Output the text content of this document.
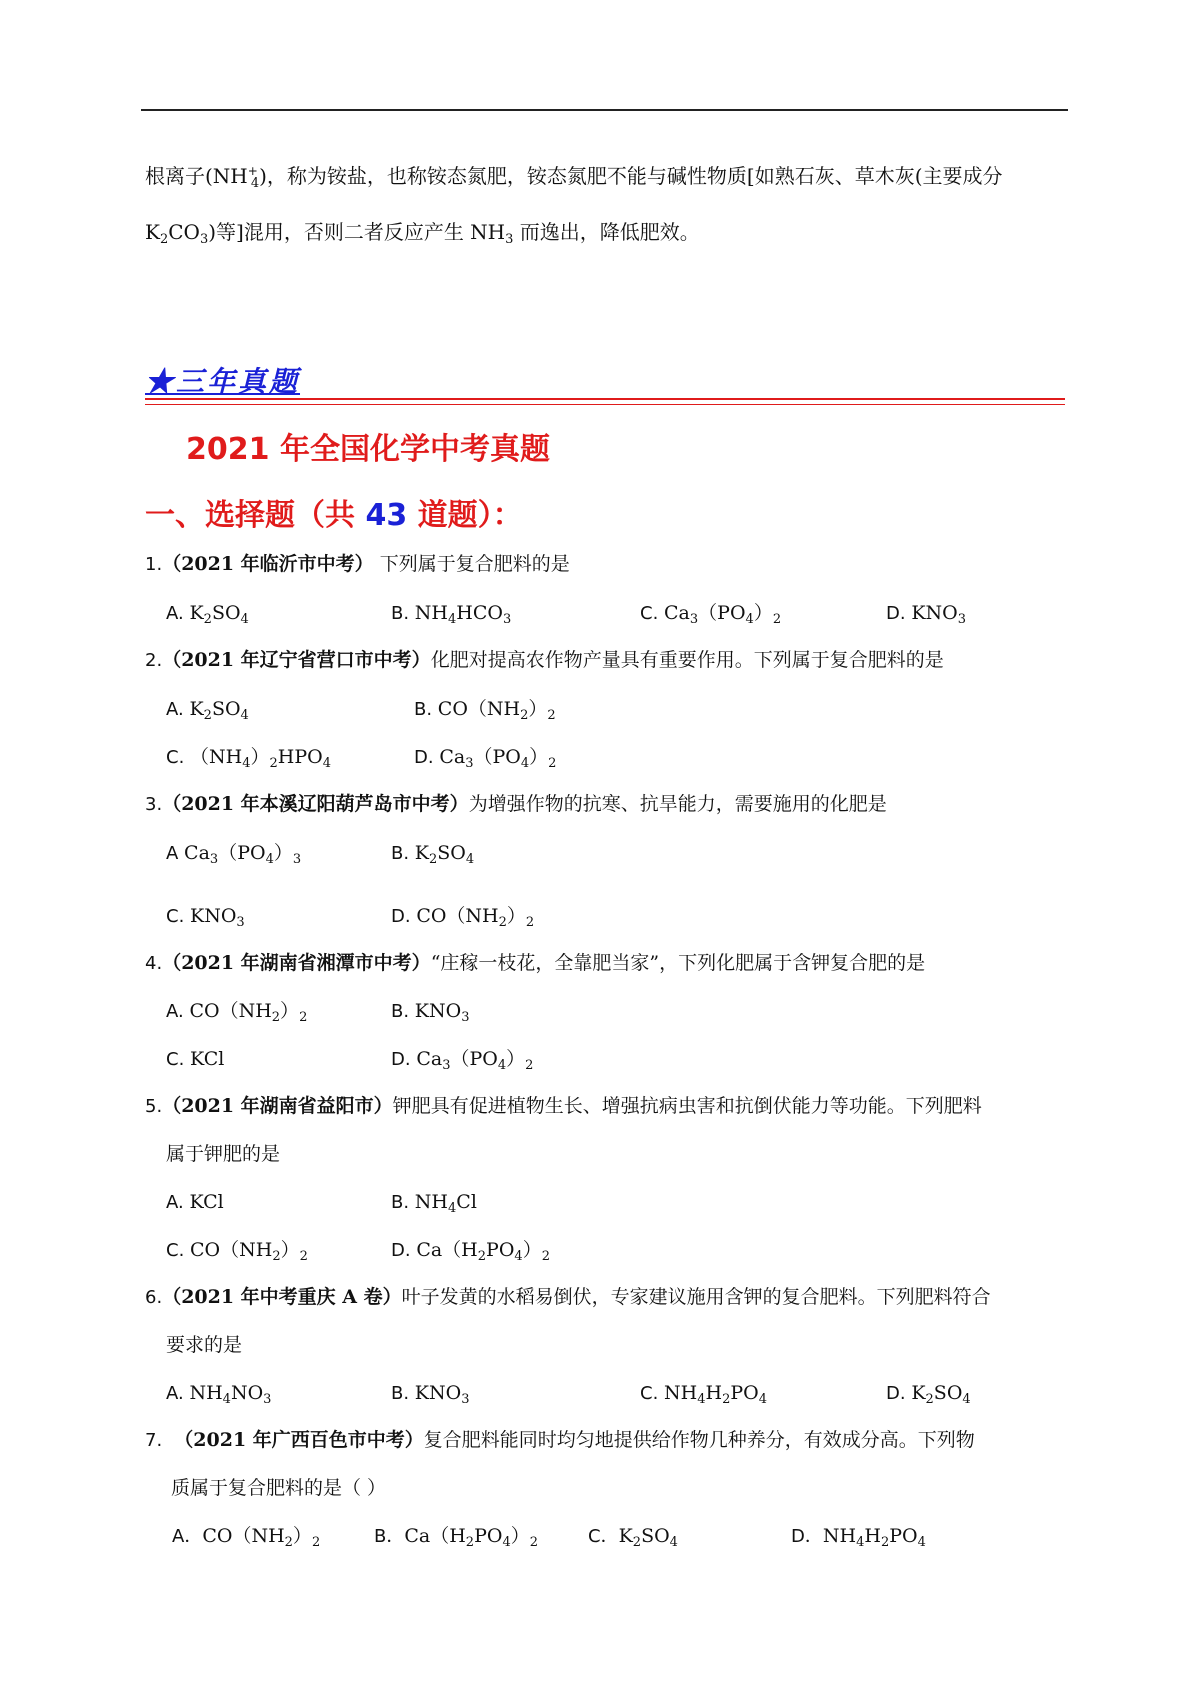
根离子$(NH^+_4)$，称为铵盐，也称铵态氮肥，铵态氮肥不能与碱性物质[如熟石灰、草木灰(主要成分
$K_2CO_3$)等]混用，否则二者反应产生 $NH_3$ 而逸出，降低肥效。
★三年真题
2021 年全国化学中考真题
一、选择题（共 43 道题）：
1.（2021 年临沂市中考） 下列属于复合肥料的是
A. $K_2SO_4$	B. $NH_4HCO_3$	C. $Ca_3(PO_4)_2$	D. $KNO_3$
2.（2021 年辽宁省营口市中考）化肥对提高农作物产量具有重要作用。下列属于复合肥料的是
A. $K_2SO_4$	B. $CO(NH_2)_2$
C. $(NH_4)_2HPO_4$	D. $Ca_3(PO_4)_2$
3.（2021 年本溪辽阳葫芦岛市中考）为增强作物的抗寒、抗旱能力，需要施用的化肥是
A $Ca_3(PO_4)_3$	B. $K_2SO_4$
C. $KNO_3$	D. $CO(NH_2)_2$
4.（2021 年湖南省湘潭市中考）“庄稼一枝花，全靠肥当家”，下列化肥属于含钾复合肥的是
A. $CO(NH_2)_2$	B. $KNO_3$
C. KCl	D. $Ca_3(PO_4)_2$
5.（2021 年湖南省益阳市）钾肥具有促进植物生长、增强抗病虫害和抗倒伏能力等功能。下列肥料
属于钾肥的是
A. KCl	B. $NH_4Cl$
C. $CO(NH_2)_2$	D. $Ca(H_2PO_4)_2$
6.（2021 年中考重庆 A 卷）叶子发黄的水稻易倒伏，专家建议施用含钾的复合肥料。下列肥料符合
要求的是
A. $NH_4NO_3$	B. $KNO_3$	C. $NH_4H_2PO_4$	D. $K_2SO_4$
7. （2021 年广西百色市中考）复合肥料能同时均匀地提供给作物几种养分，有效成分高。下列物
质属于复合肥料的是（ ）
A．$CO(NH_2)_2$	B．$Ca(H_2PO_4)_2$	C．$K_2SO_4$	D．$NH_4H_2PO_4$
